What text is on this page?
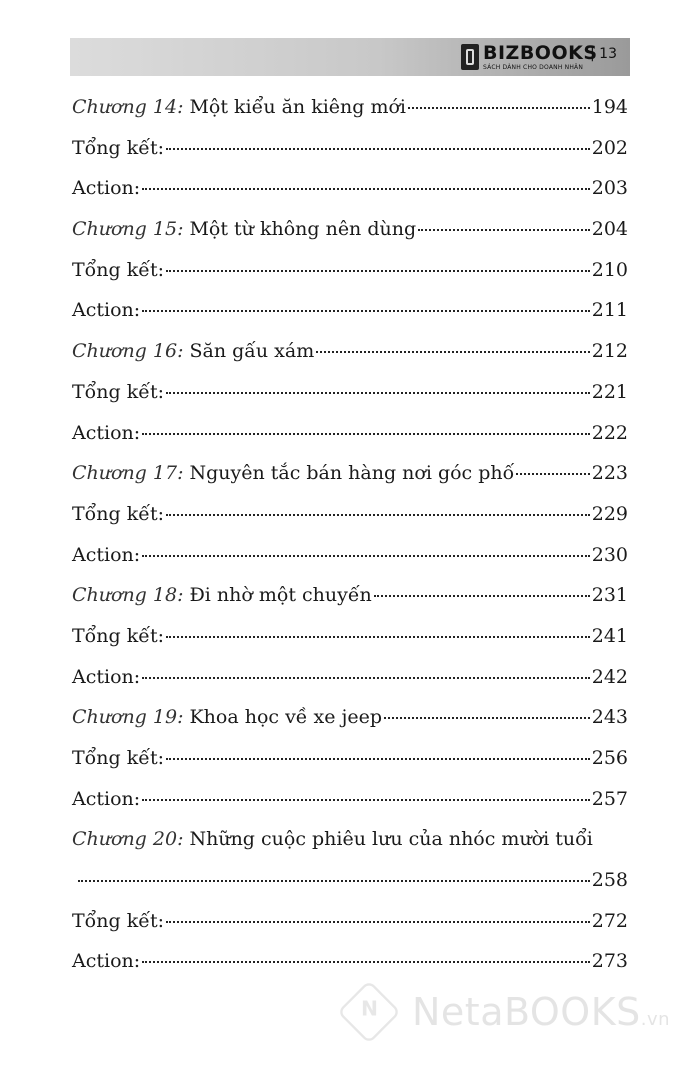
BIZBOOKS
SÁCH DÀNH CHO DOANH NHÂN
| 13
Chương 14: Một kiểu ăn kiêng mới	194
Tổng kết:	202
Action:	203
Chương 15: Một từ không nên dùng	204
Tổng kết:	210
Action:	211
Chương 16: Săn gấu xám	212
Tổng kết:	221
Action:	222
Chương 17: Nguyên tắc bán hàng nơi góc phố	223
Tổng kết:	229
Action:	230
Chương 18: Đi nhờ một chuyến	231
Tổng kết:	241
Action:	242
Chương 19: Khoa học về xe jeep	243
Tổng kết:	256
Action:	257
Chương 20: Những cuộc phiêu lưu của nhóc mười tuổi
258
Tổng kết:	272
Action:	273
N
NetaBOOKS.vn
